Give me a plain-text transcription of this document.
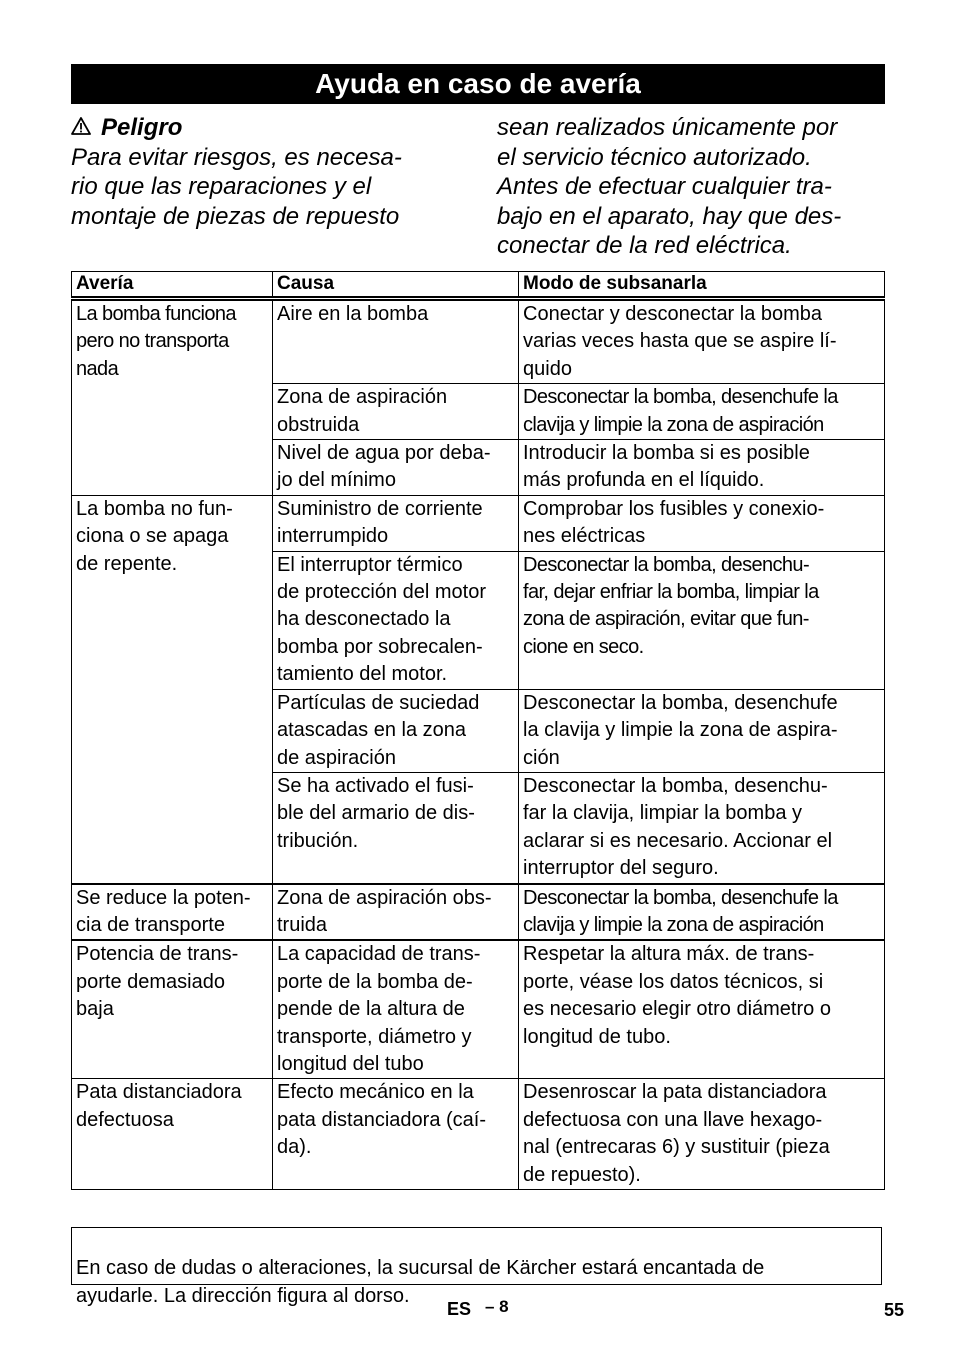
Ayuda en caso de avería
Peligro
Para evitar riesgos, es necesa-
rio que las reparaciones y el
montaje de piezas de repuesto
sean realizados únicamente por
el servicio técnico autorizado.
Antes de efectuar cualquier tra-
bajo en el aparato, hay que des-
conectar de la red eléctrica.
Avería	Causa	Modo de subsanarla
La bomba funciona
pero no transporta
nada	Aire en la bomba	Conectar y desconectar la bomba
varias veces hasta que se aspire lí-
quido
	Zona de aspiración
obstruida	Desconectar la bomba, desenchufe la
clavija y limpie la zona de aspiración
	Nivel de agua por deba-
jo del mínimo	Introducir la bomba si es posible
más profunda en el líquido.
La bomba no fun-
ciona o se apaga
de repente.	Suministro de corriente
interrumpido	Comprobar los fusibles y conexio-
nes eléctricas
	El interruptor térmico
de protección del motor
ha desconectado la
bomba por sobrecalen-
tamiento del motor.	Desconectar la bomba, desenchu-
far, dejar enfriar la bomba, limpiar la
zona de aspiración, evitar que fun-
cione en seco.
	Partículas de suciedad
atascadas en la zona
de aspiración	Desconectar la bomba, desenchufe
la clavija y limpie la zona de aspira-
ción
	Se ha activado el fusi-
ble del armario de dis-
tribución.	Desconectar la bomba, desenchu-
far la clavija, limpiar la bomba y
aclarar si es necesario. Accionar el
interruptor del seguro.
Se reduce la poten-
cia de transporte	Zona de aspiración obs-
truida	Desconectar la bomba, desenchufe la
clavija y limpie la zona de aspiración
Potencia de trans-
porte demasiado
baja	La capacidad de trans-
porte de la bomba de-
pende de la altura de
transporte, diámetro y
longitud del tubo	Respetar la altura máx. de trans-
porte, véase los datos técnicos, si
es necesario elegir otro diámetro o
longitud de tubo.
Pata distanciadora
defectuosa	Efecto mecánico en la
pata distanciadora (caí-
da).	Desenroscar la pata distanciadora
defectuosa con una llave hexago-
nal (entrecaras 6) y sustituir (pieza
de repuesto).

En caso de dudas o alteraciones, la sucursal de Kärcher estará encantada de
ayudarle. La dirección figura al dorso.

ES – 8	55
